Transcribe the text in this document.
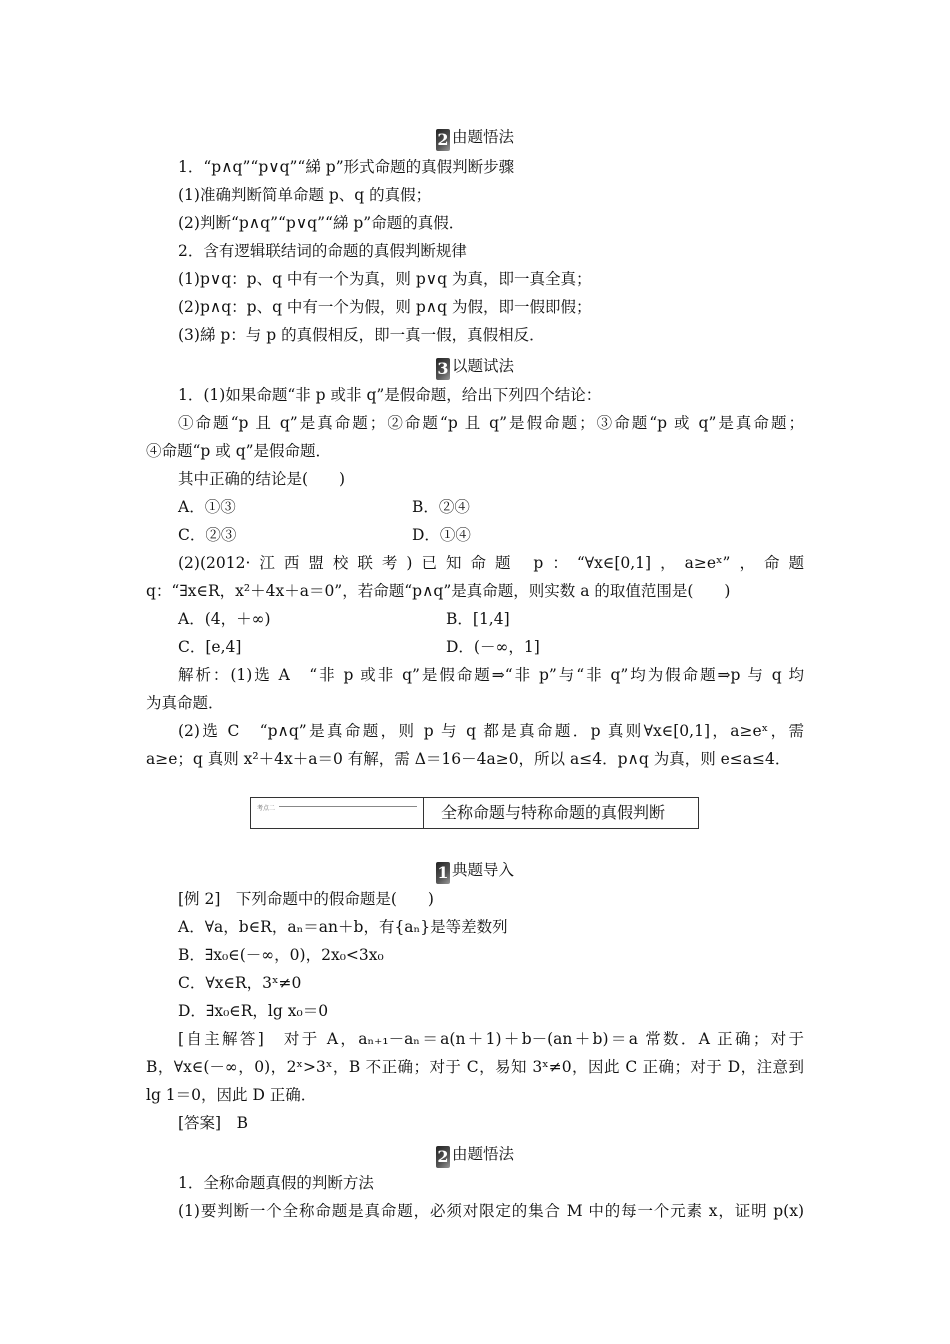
2 由题悟法
1．“p∧q”“p∨q”“綈 p”形式命题的真假判断步骤
(1)准确判断简单命题 p、q 的真假；
(2)判断“p∧q”“p∨q”“綈 p”命题的真假．
2．含有逻辑联结词的命题的真假判断规律
(1)p∨q：p、q 中有一个为真，则 p∨q 为真，即一真全真；
(2)p∧q：p、q 中有一个为假，则 p∧q 为假，即一假即假；
(3)綈 p：与 p 的真假相反，即一真一假，真假相反．
3 以题试法
1．(1)如果命题“非 p 或非 q”是假命题，给出下列四个结论：
①命题“p 且 q”是真命题；②命题“p 且 q”是假命题；③命题“p 或 q”是真命题；
④命题“p 或 q”是假命题．
其中正确的结论是(　　)
A．①③	B．②④
C．②③	D．①④
(2)(2012·江西盟校联考)已知命题 p：“∀x∈[0,1]，a≥eˣ”，命题
q：“∃x∈R，x²＋4x＋a＝0”，若命题“p∧q”是真命题，则实数 a 的取值范围是(　　)
A．(4，＋∞)	B．[1,4]
C．[e,4]	D．(－∞，1]
解析：(1)选 A　“非 p 或非 q”是假命题⇒“非 p”与“非 q”均为假命题⇒p 与 q 均
为真命题．
(2)选 C　“p∧q”是真命题，则 p 与 q 都是真命题．p 真则∀x∈[0,1]，a≥eˣ，需
a≥e；q 真则 x²＋4x＋a＝0 有解，需 Δ＝16－4a≥0，所以 a≤4．p∧q 为真，则 e≤a≤4．
考点二	全称命题与特称命题的真假判断
1 典题导入
[例 2]　下列命题中的假命题是(　　)
A．∀a，b∈R，aₙ＝an＋b，有{aₙ}是等差数列
B．∃x₀∈(－∞，0)，2x₀<3x₀
C．∀x∈R，3ˣ≠0
D．∃x₀∈R，lg x₀＝0
[自主解答]　对于 A，aₙ₊₁－aₙ＝a(n＋1)＋b－(an＋b)＝a 常数．A 正确；对于
B，∀x∈(－∞，0)，2ˣ>3ˣ，B 不正确；对于 C，易知 3ˣ≠0，因此 C 正确；对于 D，注意到
lg 1＝0，因此 D 正确．
[答案]　B
2 由题悟法
1．全称命题真假的判断方法
(1)要判断一个全称命题是真命题，必须对限定的集合 M 中的每一个元素 x，证明 p(x)
